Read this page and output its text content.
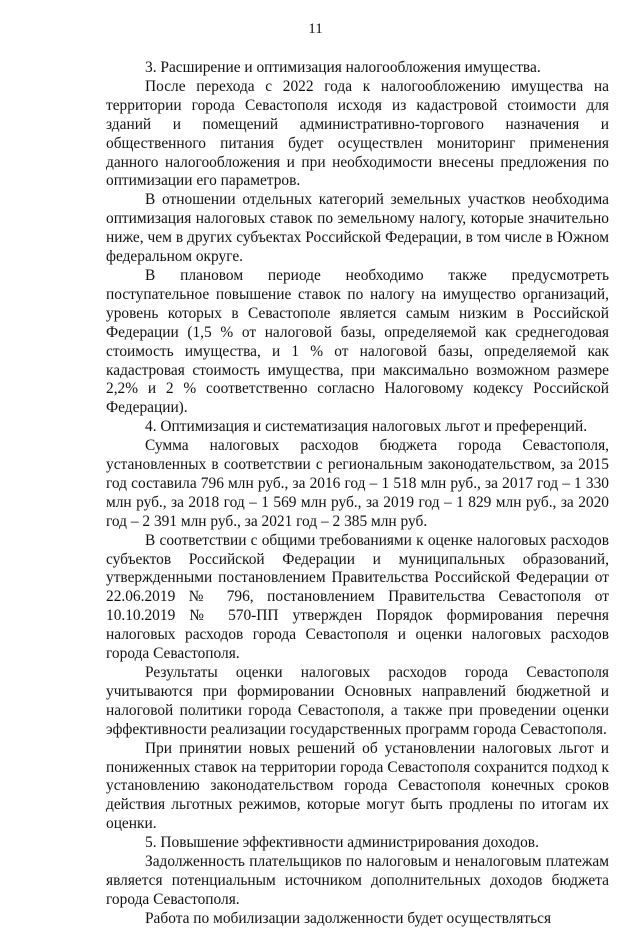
11

3. Расширение и оптимизация налогообложения имущества.

После перехода с 2022 года к налогообложению имущества на территории города Севастополя исходя из кадастровой стоимости для зданий и помещений административно-торгового назначения и общественного питания будет осуществлен мониторинг применения данного налогообложения и при необходимости внесены предложения по оптимизации его параметров.

В отношении отдельных категорий земельных участков необходима оптимизация налоговых ставок по земельному налогу, которые значительно ниже, чем в других субъектах Российской Федерации, в том числе в Южном федеральном округе.

В плановом периоде необходимо также предусмотреть поступательное повышение ставок по налогу на имущество организаций, уровень которых в Севастополе является самым низким в Российской Федерации (1,5 % от налоговой базы, определяемой как среднегодовая стоимость имущества, и 1 % от налоговой базы, определяемой как кадастровая стоимость имущества, при максимально возможном размере 2,2% и 2 % соответственно согласно Налоговому кодексу Российской Федерации).

4. Оптимизация и систематизация налоговых льгот и преференций.

Сумма налоговых расходов бюджета города Севастополя, установленных в соответствии с региональным законодательством, за 2015 год составила 796 млн руб., за 2016 год – 1 518 млн руб., за 2017 год – 1 330 млн руб., за 2018 год – 1 569 млн руб., за 2019 год – 1 829 млн руб., за 2020 год – 2 391 млн руб., за 2021 год – 2 385 млн руб.

В соответствии с общими требованиями к оценке налоговых расходов субъектов Российской Федерации и муниципальных образований, утвержденными постановлением Правительства Российской Федерации от 22.06.2019 № 796, постановлением Правительства Севастополя от 10.10.2019 № 570-ПП утвержден Порядок формирования перечня налоговых расходов города Севастополя и оценки налоговых расходов города Севастополя.

Результаты оценки налоговых расходов города Севастополя учитываются при формировании Основных направлений бюджетной и налоговой политики города Севастополя, а также при проведении оценки эффективности реализации государственных программ города Севастополя.

При принятии новых решений об установлении налоговых льгот и пониженных ставок на территории города Севастополя сохранится подход к установлению законодательством города Севастополя конечных сроков действия льготных режимов, которые могут быть продлены по итогам их оценки.

5. Повышение эффективности администрирования доходов.

Задолженность плательщиков по налоговым и неналоговым платежам является потенциальным источником дополнительных доходов бюджета города Севастополя.

Работа по мобилизации задолженности будет осуществляться
